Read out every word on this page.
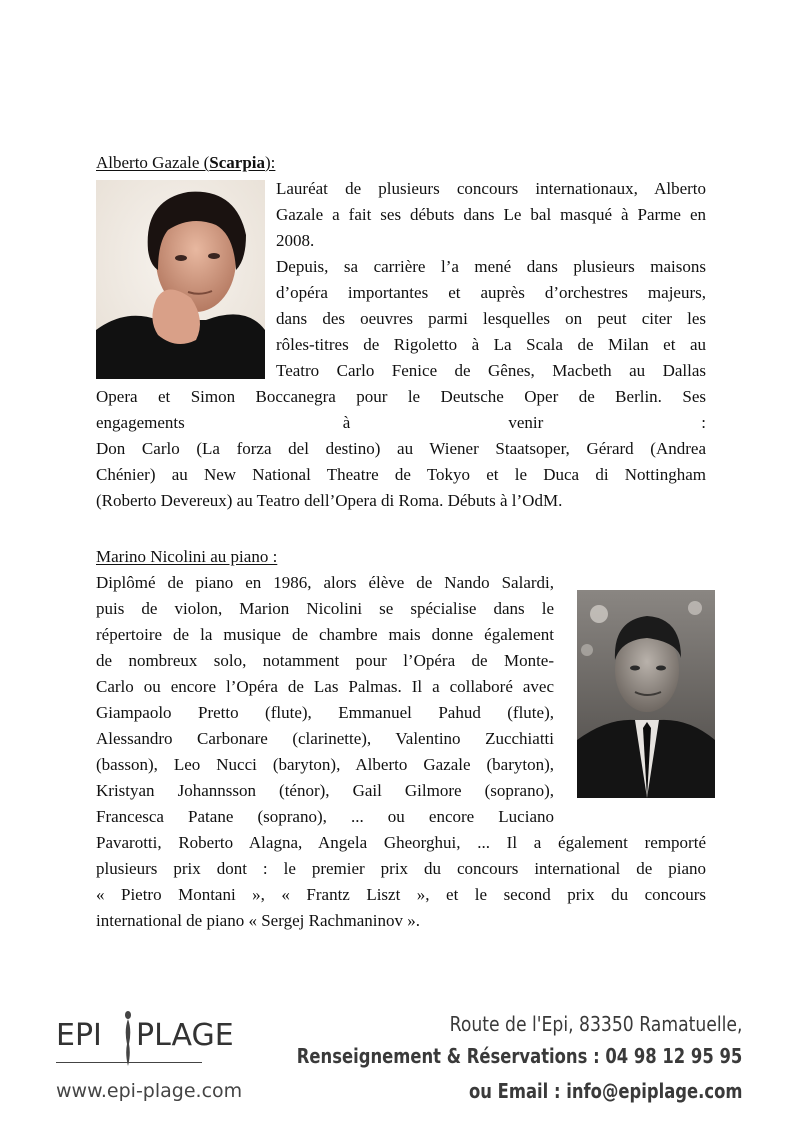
Alberto Gazale (Scarpia):
Lauréat de plusieurs concours internationaux, Alberto
Gazale a fait ses débuts dans Le bal masqué à Parme en
2008.
Depuis, sa carrière l’a mené dans plusieurs maisons
d’opéra importantes et auprès d’orchestres majeurs,
dans des oeuvres parmi lesquelles on peut citer les
rôles-titres de Rigoletto à La Scala de Milan et au
Teatro Carlo Fenice de Gênes, Macbeth au Dallas
Opera et Simon Boccanegra pour le Deutsche Oper de Berlin. Ses
engagements à venir :
Don Carlo (La forza del destino) au Wiener Staatsoper, Gérard (Andrea
Chénier) au New National Theatre de Tokyo et le Duca di Nottingham
(Roberto Devereux) au Teatro dell’Opera di Roma. Débuts à l’OdM.
Marino Nicolini au piano :
Diplômé de piano en 1986, alors élève de Nando Salardi,
puis de violon, Marion Nicolini se spécialise dans le
répertoire de la musique de chambre mais donne également
de nombreux solo, notamment pour l’Opéra de Monte-
Carlo ou encore l’Opéra de Las Palmas. Il a collaboré avec
Giampaolo Pretto (flute), Emmanuel Pahud (flute),
Alessandro Carbonare (clarinette), Valentino Zucchiatti
(basson), Leo Nucci (baryton), Alberto Gazale (baryton),
Kristyan Johannsson (ténor), Gail Gilmore (soprano),
Francesca Patane (soprano), ... ou encore Luciano
Pavarotti, Roberto Alagna, Angela Gheorghui, ... Il a également remporté
plusieurs prix dont : le premier prix du concours international de piano
« Pietro Montani », « Frantz Liszt », et le second prix du concours
international de piano « Sergej Rachmaninov ».
EPI PLAGE
www.epi-plage.com
Route de l'Epi, 83350 Ramatuelle,
Renseignement & Réservations : 04 98 12 95 95
ou Email : info@epiplage.com
